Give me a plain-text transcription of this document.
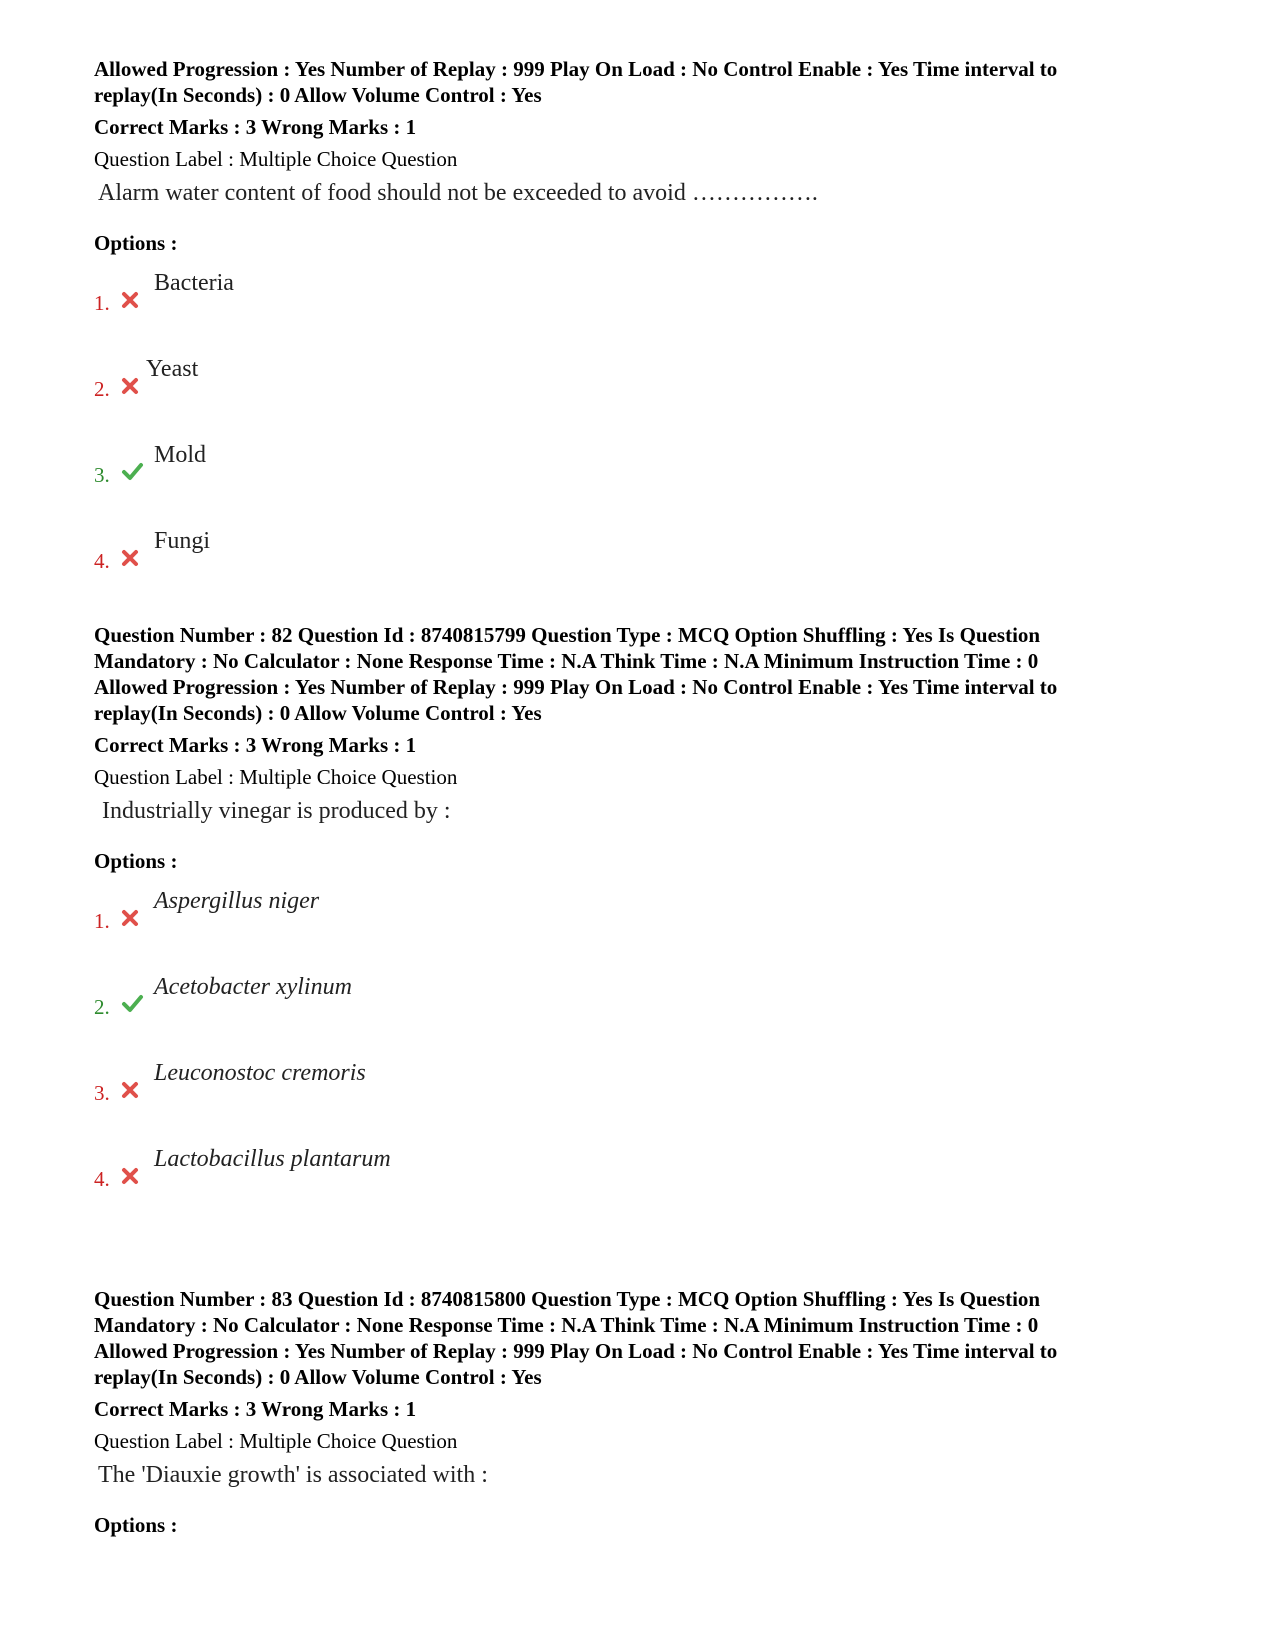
Allowed Progression : Yes Number of Replay : 999 Play On Load : No Control Enable : Yes Time interval to

replay(In Seconds) : 0 Allow Volume Control : Yes

Correct Marks : 3 Wrong Marks : 1
Question Label : Multiple Choice Question
Alarm water content of food should not be exceeded to avoid …………….
Options :
1.
Bacteria
2.
Yeast
3.
Mold
4.
Fungi

Question Number : 82 Question Id : 8740815799 Question Type : MCQ Option Shuffling : Yes Is Question

Mandatory : No Calculator : None Response Time : N.A Think Time : N.A Minimum Instruction Time : 0

Allowed Progression : Yes Number of Replay : 999 Play On Load : No Control Enable : Yes Time interval to

replay(In Seconds) : 0 Allow Volume Control : Yes

Correct Marks : 3 Wrong Marks : 1
Question Label : Multiple Choice Question
Industrially vinegar is produced by :
Options :
1.
Aspergillus niger
2.
Acetobacter xylinum
3.
Leuconostoc cremoris
4.
Lactobacillus plantarum

Question Number : 83 Question Id : 8740815800 Question Type : MCQ Option Shuffling : Yes Is Question

Mandatory : No Calculator : None Response Time : N.A Think Time : N.A Minimum Instruction Time : 0

Allowed Progression : Yes Number of Replay : 999 Play On Load : No Control Enable : Yes Time interval to

replay(In Seconds) : 0 Allow Volume Control : Yes

Correct Marks : 3 Wrong Marks : 1
Question Label : Multiple Choice Question
The 'Diauxie growth' is associated with :
Options :
